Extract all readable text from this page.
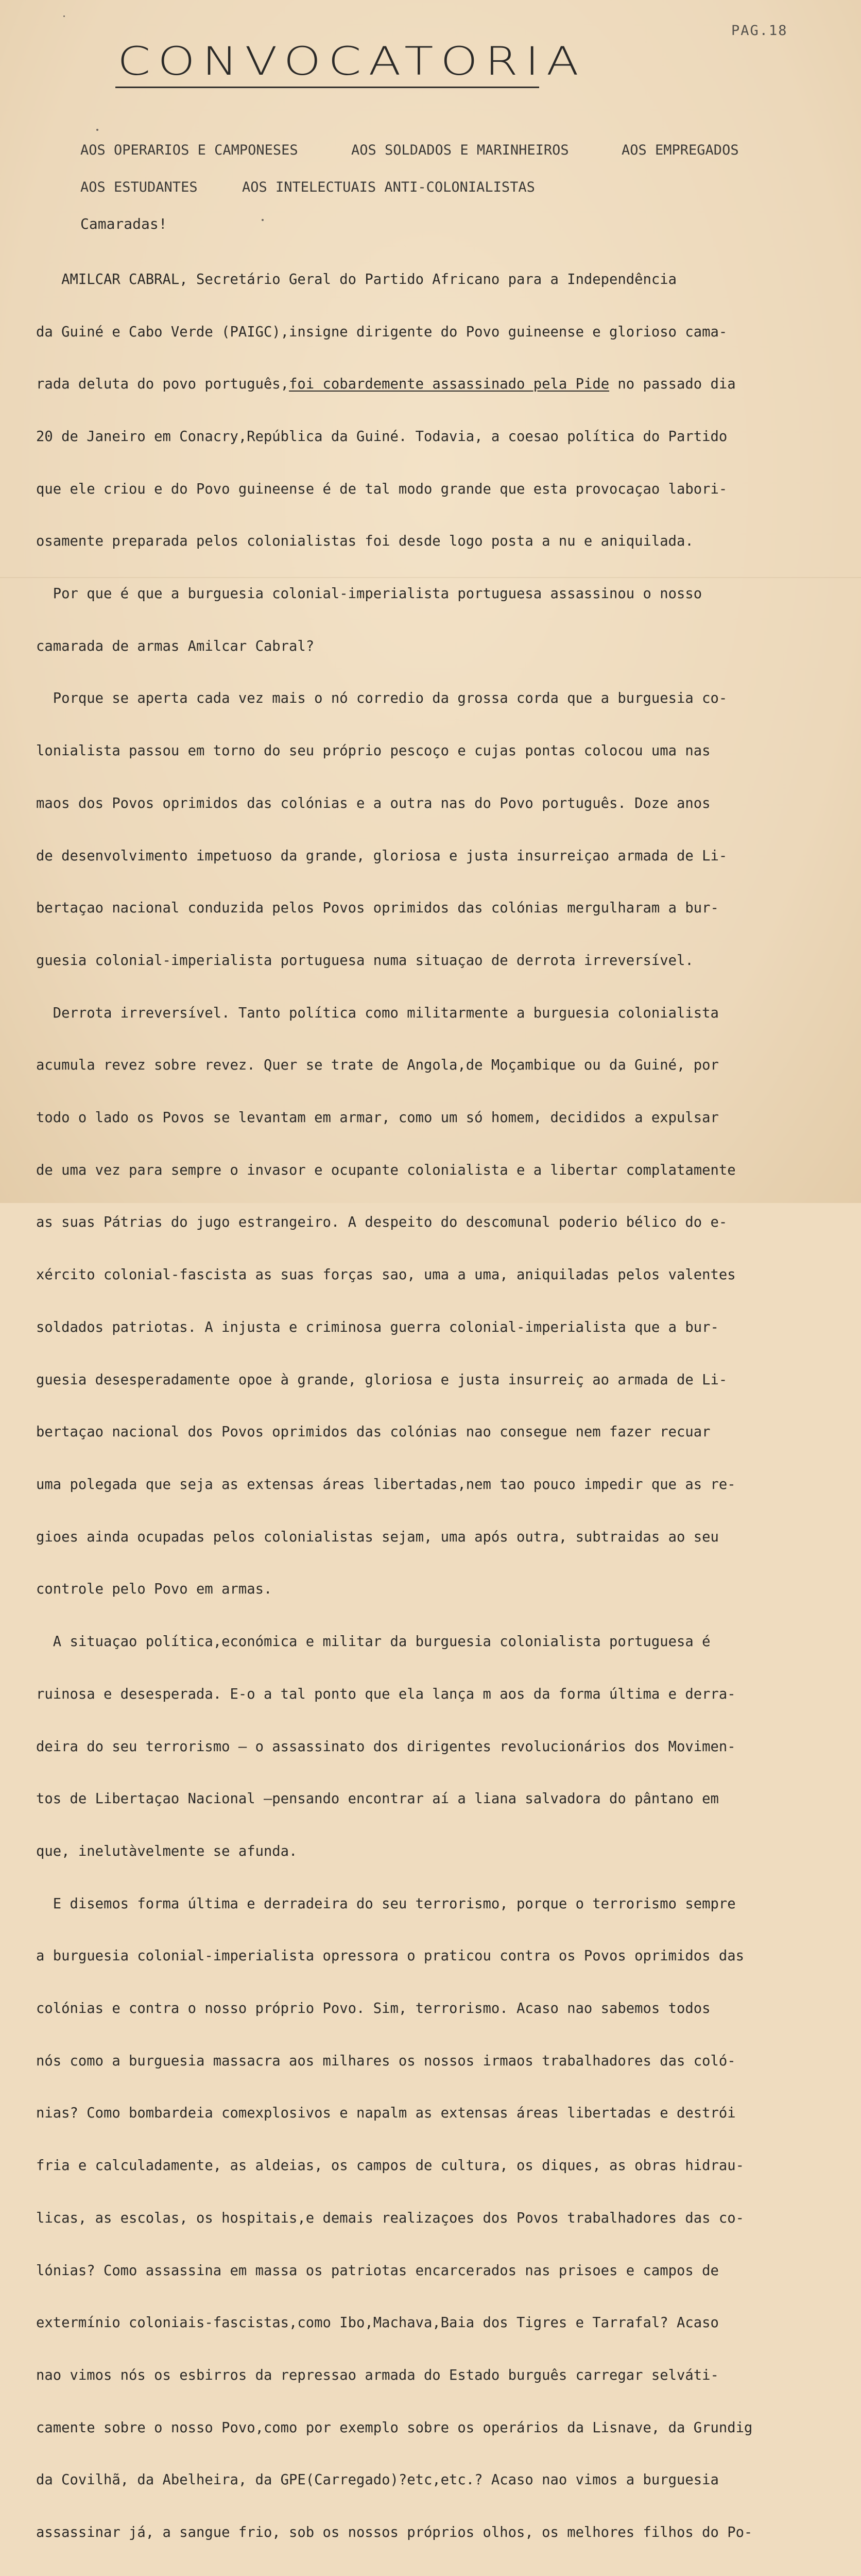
PAG.18
CONVOCATORIA

AOS OPERARIOS E CAMPONESES

	AOS SOLDADOS E MARINHEIROS

	AOS EMPREGADOS

AOS ESTUDANTES

	AOS INTELECTUAIS ANTI-COLONIALISTAS

Camaradas!

AMILCAR CABRAL, Secretário Geral do Partido Africano para a Independência

da Guiné e Cabo Verde (PAIGC),insigne dirigente do Povo guineense e glorioso cama-

rada deluta do povo português,foi cobardemente assassinado pela Pide no passado dia

20 de Janeiro em Conacry,República da Guiné. Todavia, a coesao política do Partido

que ele criou e do Povo guineense é de tal modo grande que esta provocaçao labori-

osamente preparada pelos colonialistas foi desde logo posta a nu e aniquilada.

Por que é que a burguesia colonial-imperialista portuguesa assassinou o nosso

camarada de armas Amilcar Cabral?

Porque se aperta cada vez mais o nó corredio da grossa corda que a burguesia co-

lonialista passou em torno do seu próprio pescoço e cujas pontas colocou uma nas

maos dos Povos oprimidos das colónias e a outra nas do Povo português. Doze anos

de desenvolvimento impetuoso da grande, gloriosa e justa insurreiçao armada de Li-

bertaçao nacional conduzida pelos Povos oprimidos das colónias mergulharam a bur-

guesia colonial-imperialista portuguesa numa situaçao de derrota irreversível.

Derrota irreversível. Tanto política como militarmente a burguesia colonialista

acumula revez sobre revez. Quer se trate de Angola,de Moçambique ou da Guiné, por

todo o lado os Povos se levantam em armar, como um só homem, decididos a expulsar

de uma vez para sempre o invasor e ocupante colonialista e a libertar complatamente

as suas Pátrias do jugo estrangeiro. A despeito do descomunal poderio bélico do e-

xército colonial-fascista as suas forças sao, uma a uma, aniquiladas pelos valentes

soldados patriotas. A injusta e criminosa guerra colonial-imperialista que a bur-

guesia desesperadamente opoe à grande, gloriosa e justa insurreiç ao armada de Li-

bertaçao nacional dos Povos oprimidos das colónias nao consegue nem fazer recuar

uma polegada que seja as extensas áreas libertadas,nem tao pouco impedir que as re-

gioes ainda ocupadas pelos colonialistas sejam, uma após outra, subtraidas ao seu

controle pelo Povo em armas.

A situaçao política,económica e militar da burguesia colonialista portuguesa é

ruinosa e desesperada. E-o a tal ponto que ela lança m aos da forma última e derra-

deira do seu terrorismo — o assassinato dos dirigentes revolucionários dos Movimen-

tos de Libertaçao Nacional —pensando encontrar aí a liana salvadora do pântano em

que, inelutàvelmente se afunda.

E disemos forma última e derradeira do seu terrorismo, porque o terrorismo sempre

a burguesia colonial-imperialista opressora o praticou contra os Povos oprimidos das

colónias e contra o nosso próprio Povo. Sim, terrorismo. Acaso nao sabemos todos

nós como a burguesia massacra aos milhares os nossos irmaos trabalhadores das coló-

nias? Como bombardeia comexplosivos e napalm as extensas áreas libertadas e destrói

fria e calculadamente, as aldeias, os campos de cultura, os diques, as obras hidrau-

licas, as escolas, os hospitais,e demais realizaçoes dos Povos trabalhadores das co-

lónias? Como assassina em massa os patriotas encarcerados nas prisoes e campos de

extermínio coloniais-fascistas,como Ibo,Machava,Baia dos Tigres e Tarrafal? Acaso

nao vimos nós os esbirros da repressao armada do Estado burguês carregar selváti-

camente sobre o nosso Povo,como por exemplo sobre os operários da Lisnave, da Grundig

da Covilhã, da Abelheira, da GPE(Carregado)?etc,etc.? Acaso nao vimos a burguesia

assassinar já, a sangue frio, sob os nossos próprios olhos, os melhores filhos do Po-
